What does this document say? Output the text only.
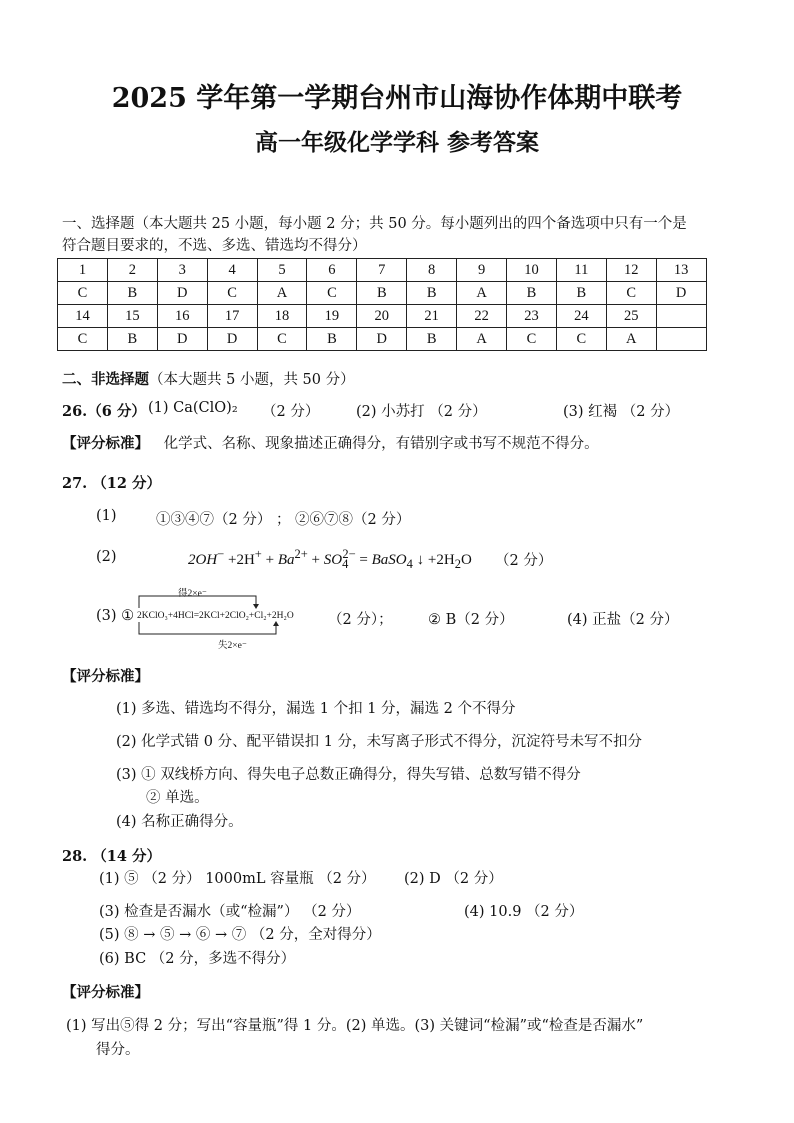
2025 学年第一学期台州市山海协作体期中联考
高一年级化学学科 参考答案
一、选择题（本大题共 25 小题，每小题 2 分；共 50 分。每小题列出的四个备选项中只有一个是
符合题目要求的，不选、多选、错选均不得分）
1	2	3	4	5	6	7	8	9	10	11	12	13
C	B	D	C	A	C	B	B	A	B	B	C	D
14	15	16	17	18	19	20	21	22	23	24	25	
C	B	D	D	C	B	D	B	A	C	C	A	
二、非选择题（本大题共 5 小题，共 50 分）
26.（6 分） (1) Ca(ClO)₂ （2 分）	(2) 小苏打 （2 分）	(3) 红褐 （2 分）
【评分标准】 化学式、名称、现象描述正确得分，有错别字或书写不规范不得分。
27. （12 分）
(1)	①③④⑦（2 分） ； ②⑥⑦⑧（2 分）
(2)	$2OH^- +2H^+ + Ba^{2+} + SO_4^{2-}$ = BaSO$_4$ ↓ $+2H_2O$ （2 分）
(3) ①
得2×e⁻
2KClO₃+4HCl=2KCl+2ClO₂+Cl₂+2H₂O
失2×e⁻
（2 分）； ② B（2 分）	(4) 正盐（2 分）
【评分标准】
(1) 多选、错选均不得分，漏选 1 个扣 1 分，漏选 2 个不得分
(2) 化学式错 0 分、配平错误扣 1 分，未写离子形式不得分，沉淀符号未写不扣分
(3) ① 双线桥方向、得失电子总数正确得分，得失写错、总数写错不得分
② 单选。
(4) 名称正确得分。
28. （14 分）
(1) ⑤ （2 分） 1000mL 容量瓶 （2 分） (2) D （2 分）
(3) 检查是否漏水（或“检漏”） （2 分）	(4) 10.9 （2 分）
(5) ⑧ → ⑤ → ⑥ → ⑦ （2 分，全对得分）
(6) BC （2 分，多选不得分）
【评分标准】
(1) 写出⑤得 2 分；写出“容量瓶”得 1 分。(2) 单选。(3) 关键词“检漏”或“检查是否漏水”
得分。
